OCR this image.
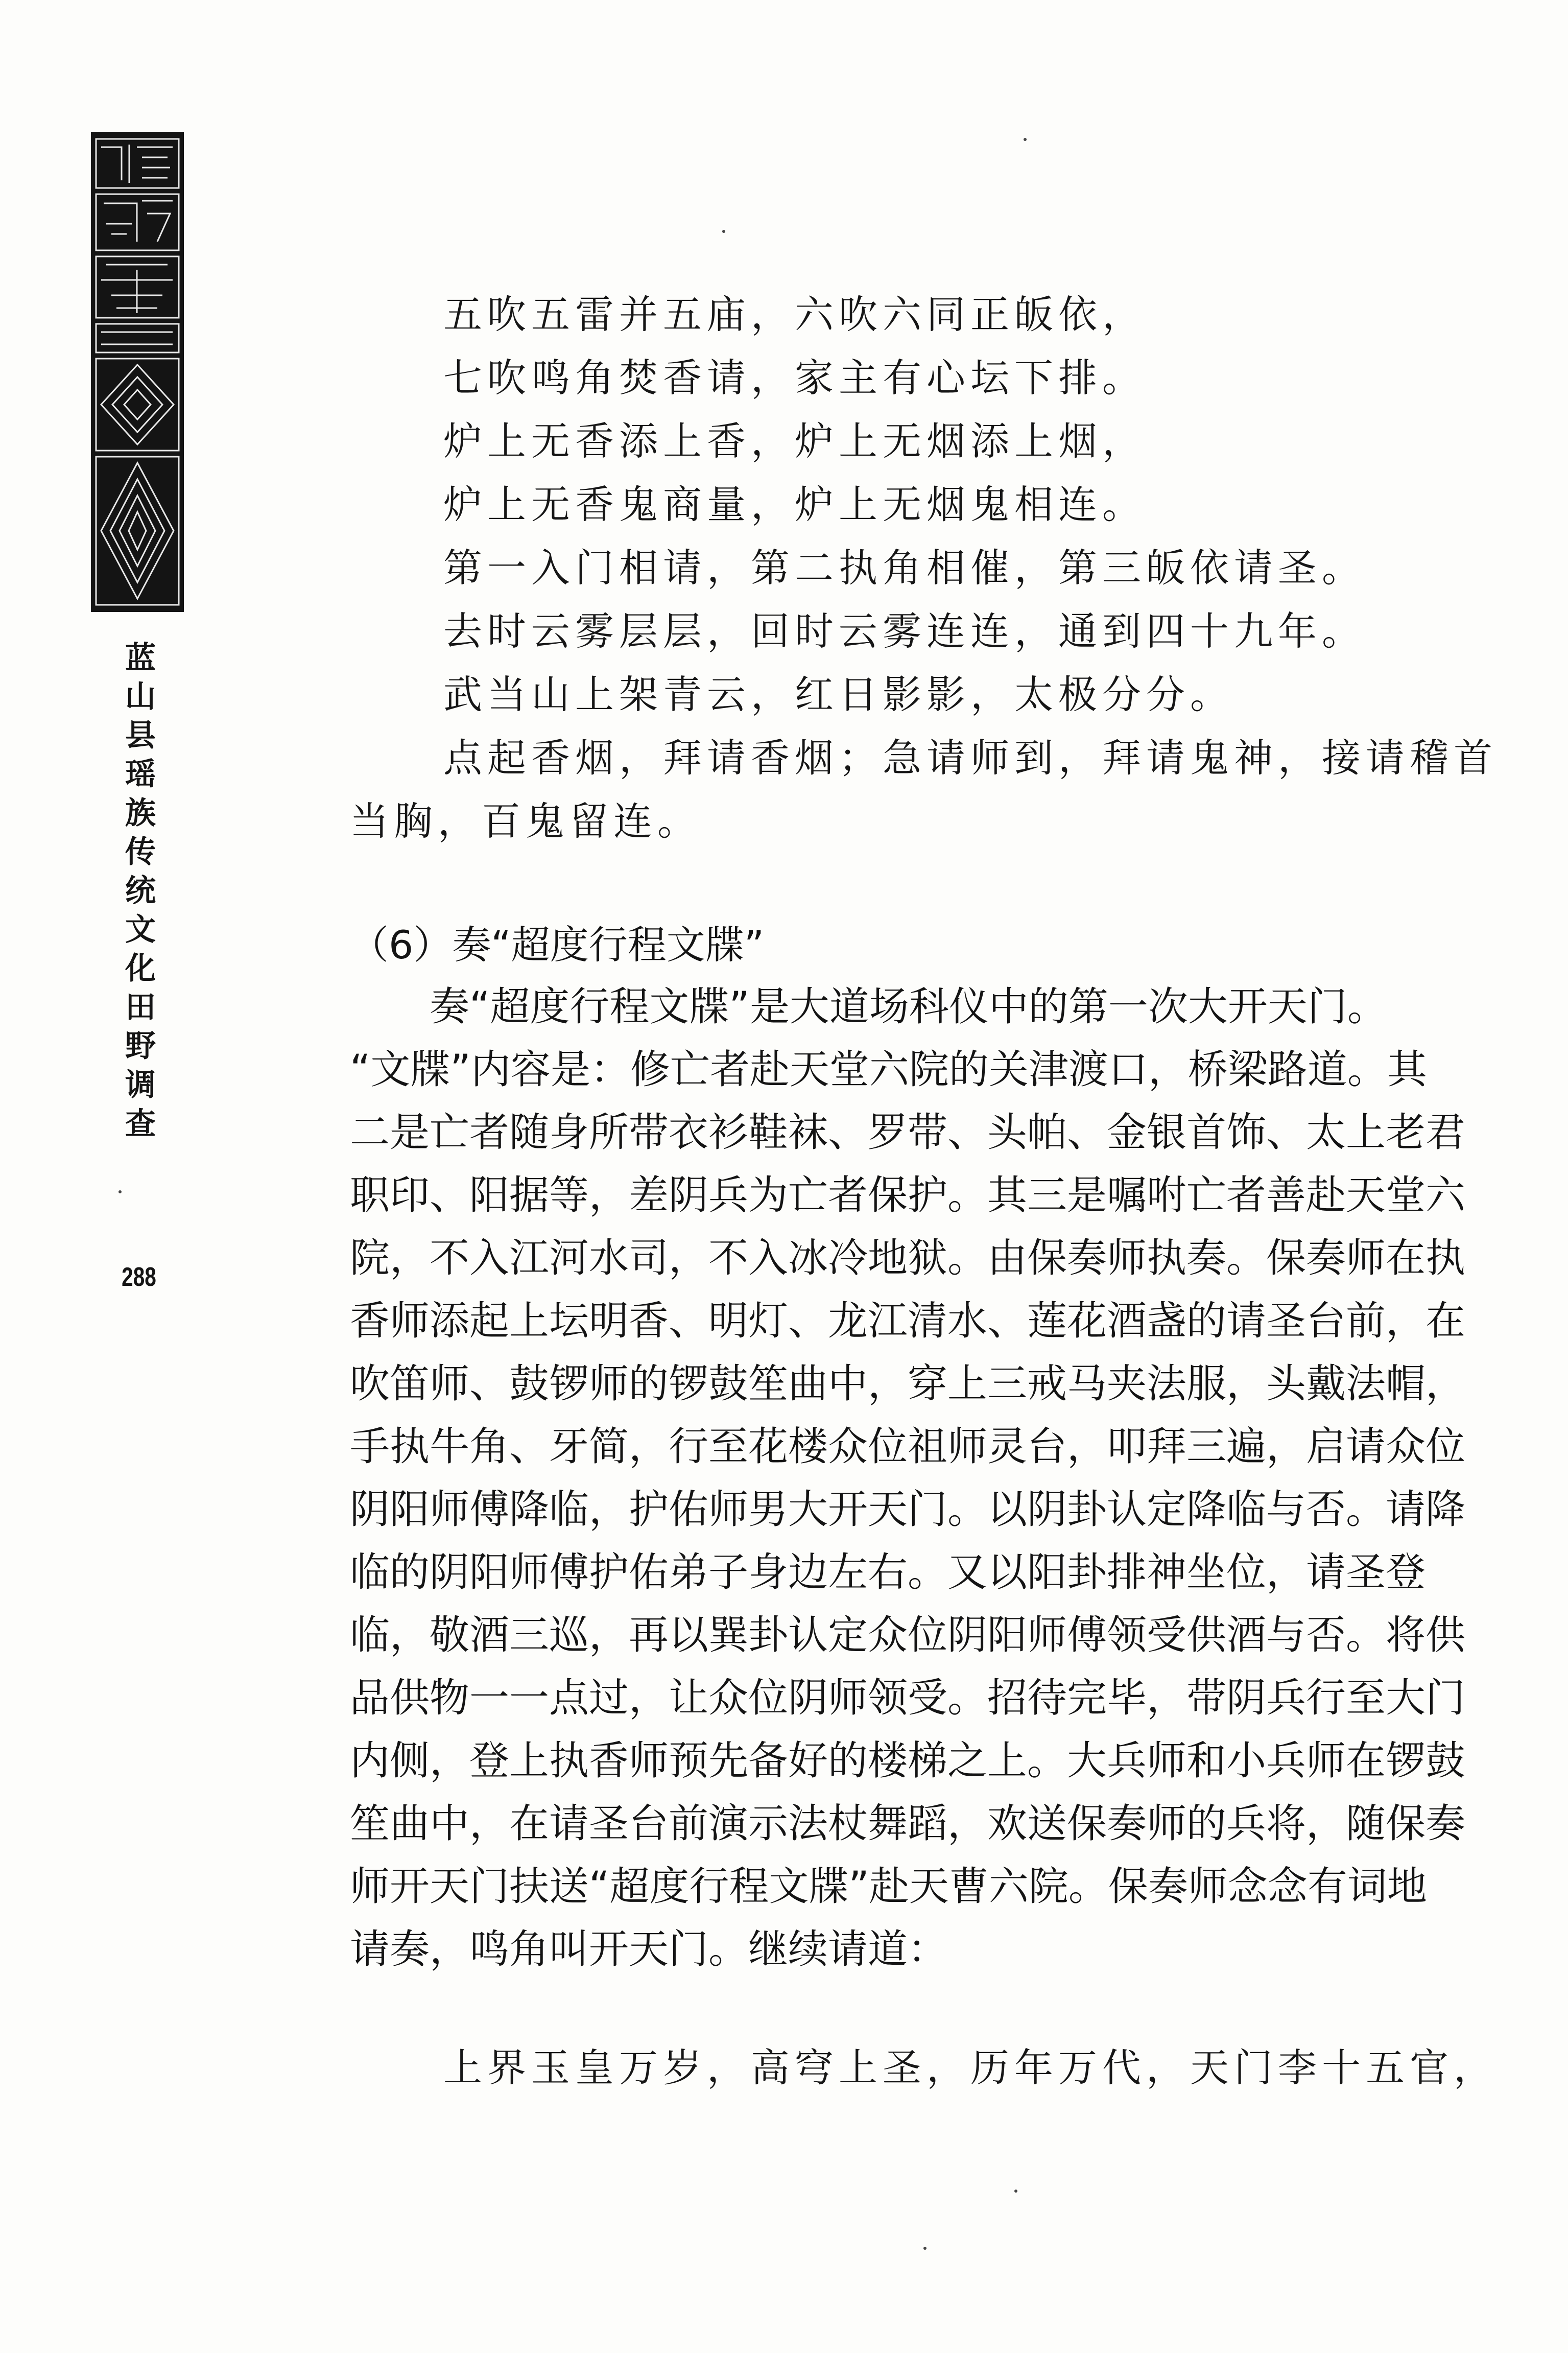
蓝山县瑶族传统文化田野调查
288
五吹五雷并五庙，六吹六同正皈依，
七吹鸣角焚香请，家主有心坛下排。
炉上无香添上香，炉上无烟添上烟，
炉上无香鬼商量，炉上无烟鬼相连。
第一入门相请，第二执角相催，第三皈依请圣。
去时云雾层层，回时云雾连连，通到四十九年。
武当山上架青云，红日影影，太极分分。
点起香烟，拜请香烟；急请师到，拜请鬼神，接请稽首
当胸，百鬼留连。
（6）奏“超度行程文牒”
　　奏“超度行程文牒”是大道场科仪中的第一次大开天门。
“文牒”内容是：修亡者赴天堂六院的关津渡口，桥梁路道。其
二是亡者随身所带衣衫鞋袜、罗带、头帕、金银首饰、太上老君
职印、阳据等，差阴兵为亡者保护。其三是嘱咐亡者善赴天堂六
院，不入江河水司，不入冰冷地狱。由保奏师执奏。保奏师在执
香师添起上坛明香、明灯、龙江清水、莲花酒盏的请圣台前，在
吹笛师、鼓锣师的锣鼓笙曲中，穿上三戒马夹法服，头戴法帽，
手执牛角、牙简，行至花楼众位祖师灵台，叩拜三遍，启请众位
阴阳师傅降临，护佑师男大开天门。以阴卦认定降临与否。请降
临的阴阳师傅护佑弟子身边左右。又以阳卦排神坐位，请圣登
临，敬酒三巡，再以巽卦认定众位阴阳师傅领受供酒与否。将供
品供物一一点过，让众位阴师领受。招待完毕，带阴兵行至大门
内侧，登上执香师预先备好的楼梯之上。大兵师和小兵师在锣鼓
笙曲中，在请圣台前演示法杖舞蹈，欢送保奏师的兵将，随保奏
师开天门扶送“超度行程文牒”赴天曹六院。保奏师念念有词地
请奏，鸣角叫开天门。继续请道：
上界玉皇万岁，高穹上圣，历年万代，天门李十五官，
